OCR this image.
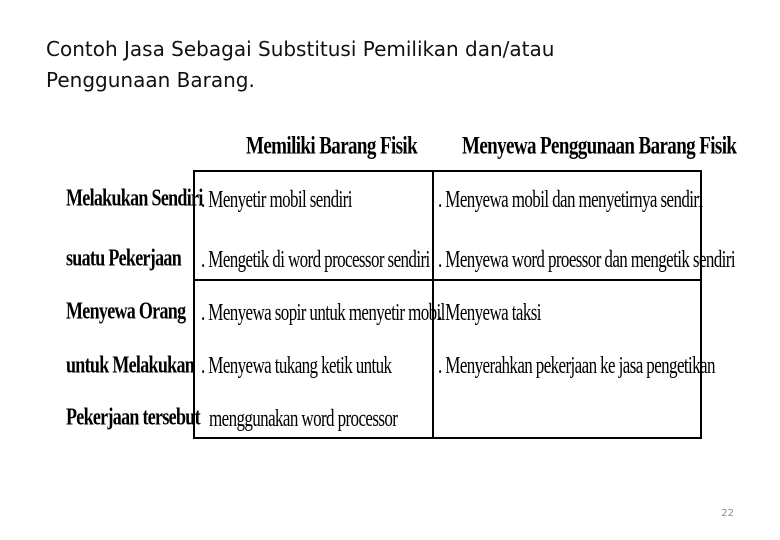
Contoh Jasa Sebagai Substitusi Pemilikan dan/atau
Penggunaan Barang.
Memiliki Barang Fisik Menyewa Penggunaan Barang Fisik
Melakukan Sendiri
suatu Pekerjaan
Menyewa Orang
untuk Melakukan
Pekerjaan tersebut
. Menyetir mobil sendiri
. Mengetik di word processor sendiri
. Menyewa mobil dan menyetirnya sendiri
. Menyewa word proessor dan mengetik sendiri
. Menyewa sopir untuk menyetir mobil
. Menyewa tukang ketik untuk
menggunakan word processor
. Menyewa taksi
. Menyerahkan pekerjaan ke jasa pengetikan
22
